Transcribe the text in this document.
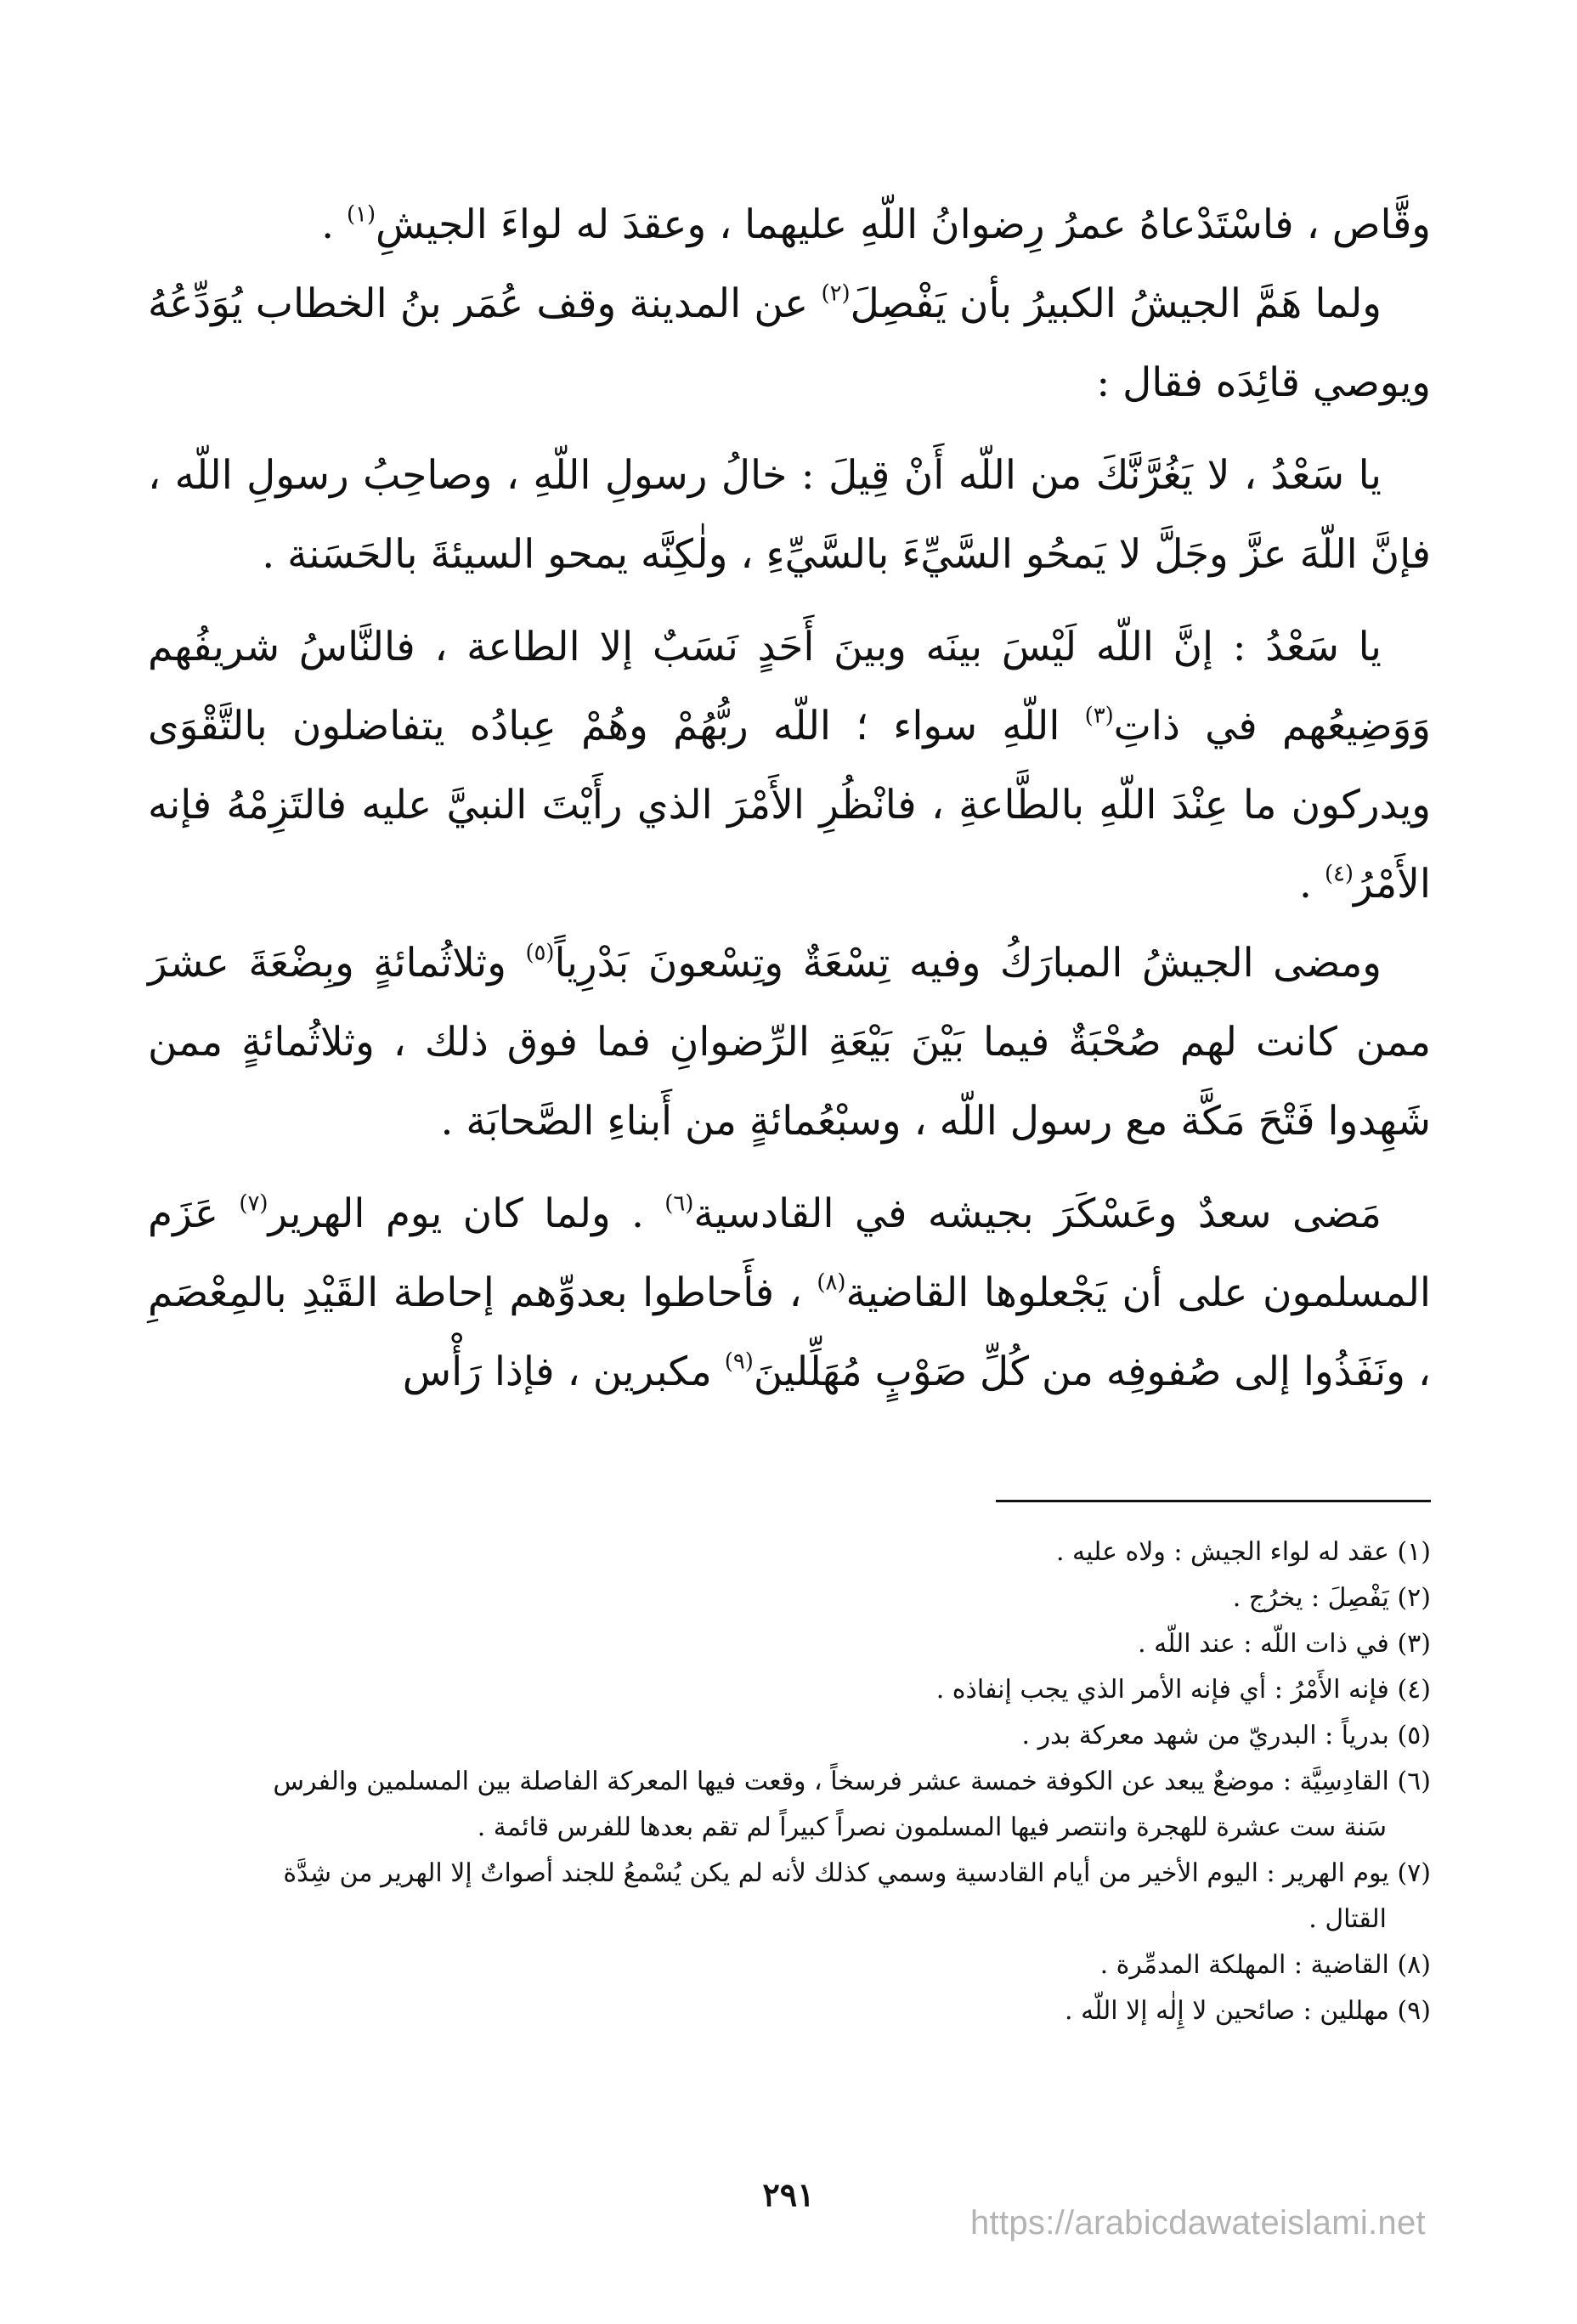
وقَّاص ، فاسْتَدْعاهُ عمرُ رِضوانُ اللّهِ عليهما ، وعقدَ له لواءَ الجيشِ$^{(١)}$ .

ولما هَمَّ الجيشُ الكبيرُ بأن يَفْصِلَ$^{(٢)}$ عن المدينة وقف عُمَر بنُ الخطاب يُوَدِّعُهُ ويوصي قائِدَه فقال :

يا سَعْدُ ، لا يَغُرَّنَّكَ من اللّه أَنْ قِيلَ : خالُ رسولِ اللّهِ ، وصاحِبُ رسولِ اللّه ، فإنَّ اللّهَ عزَّ وجَلَّ لا يَمحُو السَّيِّءَ بالسَّيِّءِ ، ولٰكِنَّه يمحو السيئةَ بالحَسَنة .

يا سَعْدُ : إنَّ اللّه لَيْسَ بينَه وبينَ أَحَدٍ نَسَبٌ إلا الطاعة ، فالنَّاسُ شريفُهم وَوَضِيعُهم في ذاتِ$^{(٣)}$ اللّهِ سواء ؛ اللّه ربُّهُمْ وهُمْ عِبادُه يتفاضلون بالتَّقْوَى ويدركون ما عِنْدَ اللّهِ بالطَّاعةِ ، فانْظُرِ الأَمْرَ الذي رأَيْتَ النبيَّ عليه فالتَزِمْهُ فإنه الأَمْرُ$^{(٤)}$ .

ومضى الجيشُ المبارَكُ وفيه تِسْعَةٌ وتِسْعونَ بَدْرِياً$^{(٥)}$ وثلاثُمائةٍ وبِضْعَةَ عشرَ ممن كانت لهم صُحْبَةٌ فيما بَيْنَ بَيْعَةِ الرِّضوانِ فما فوق ذلك ، وثلاثُمائةٍ ممن شَهِدوا فَتْحَ مَكَّة مع رسول اللّه ، وسبْعُمائةٍ من أَبناءِ الصَّحابَة .

مَضى سعدٌ وعَسْكَرَ بجيشه في القادسية$^{(٦)}$ . ولما كان يوم الهرير$^{(٧)}$ عَزَم المسلمون على أن يَجْعلوها القاضية$^{(٨)}$ ، فأَحاطوا بعدوِّهم إحاطة القَيْدِ بالمِعْصَمِ ، ونَفَذُوا إلى صُفوفِه من كُلِّ صَوْبٍ مُهَلِّلينَ$^{(٩)}$ مكبرين ، فإذا رَأْس

(١) عقد له لواء الجيش : ولاه عليه .

(٢) يَفْصِلَ : يخرُج .

(٣) في ذات اللّه : عند اللّه .

(٤) فإنه الأَمْرُ : أي فإنه الأمر الذي يجب إنفاذه .

(٥) بدرياً : البدريّ من شهد معركة بدر .

(٦) القادِسِيَّة : موضعٌ يبعد عن الكوفة خمسة عشر فرسخاً ، وقعت فيها المعركة الفاصلة بين المسلمين والفرس
سَنة ست عشرة للهجرة وانتصر فيها المسلمون نصراً كبيراً لم تقم بعدها للفرس قائمة .

(٧) يوم الهرير : اليوم الأخير من أيام القادسية وسمي كذلك لأنه لم يكن يُسْمعُ للجند أصواتٌ إلا الهرير من شِدَّة
القتال .

(٨) القاضية : المهلكة المدمِّرة .

(٩) مهللين : صائحين لا إِلٰه إلا اللّه .

٢٩١
https://arabicdawateislami.net
